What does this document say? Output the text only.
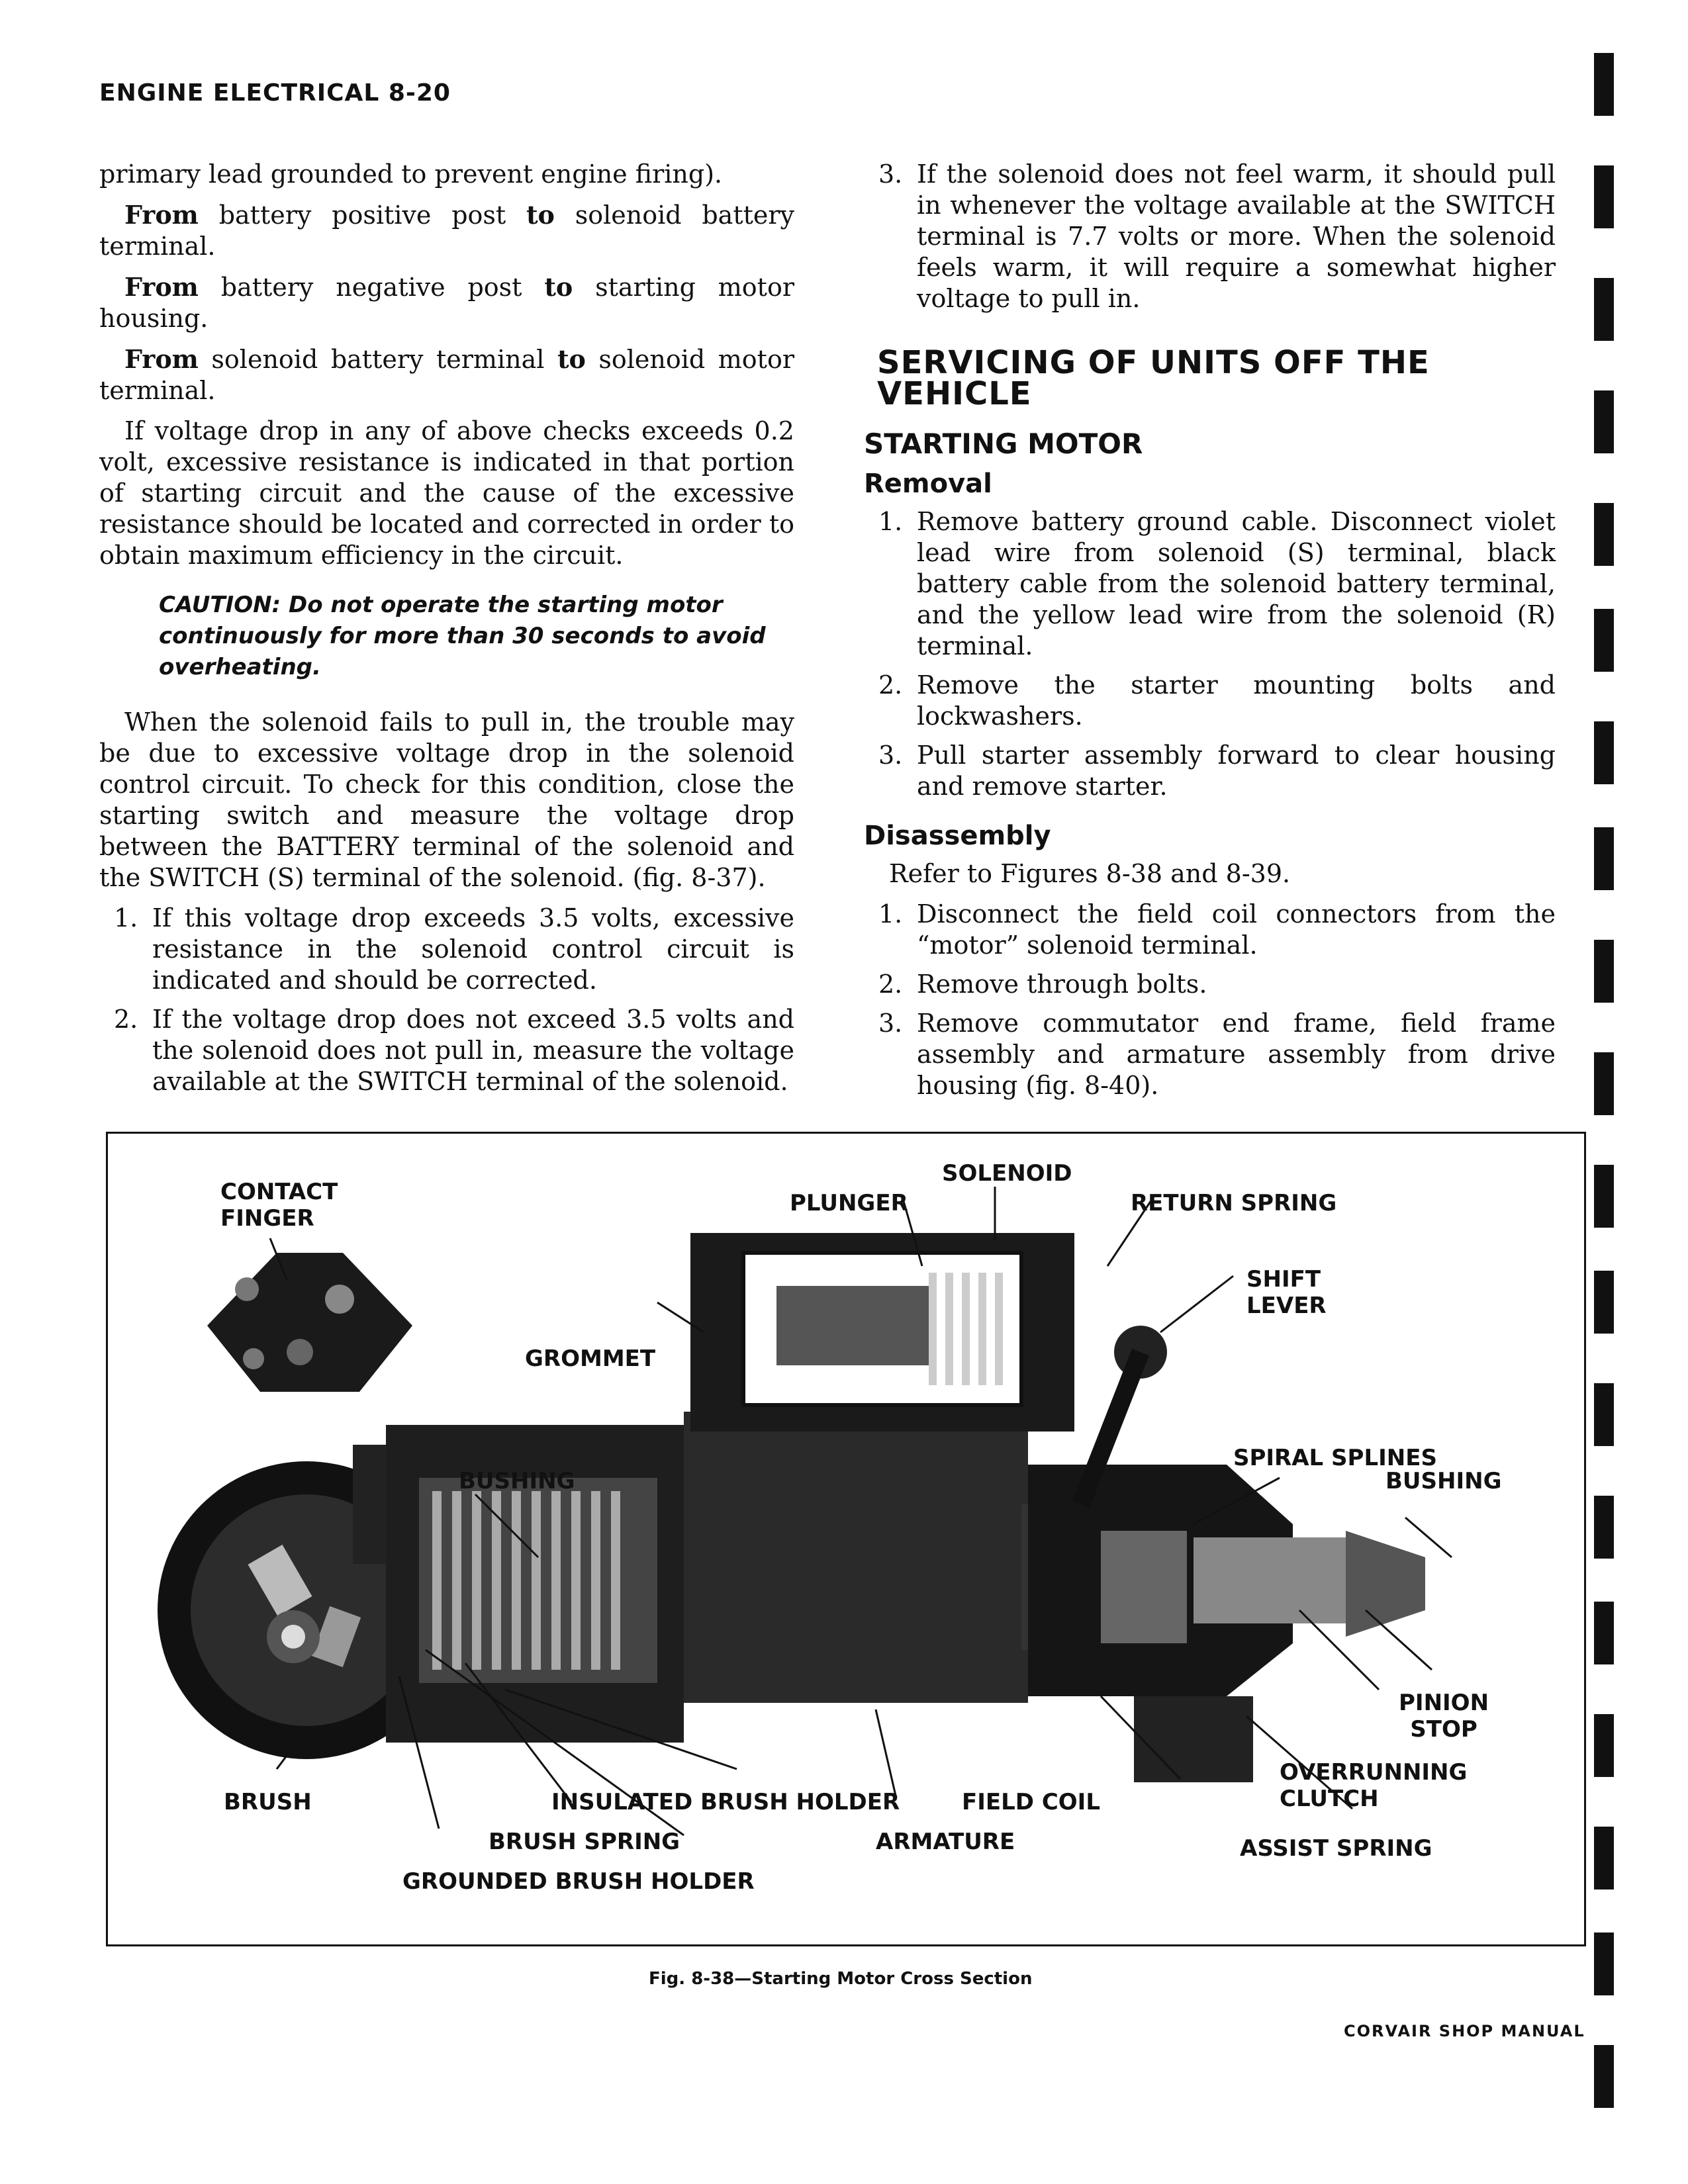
ENGINE ELECTRICAL 8-20

primary lead grounded to prevent engine firing).

From battery positive post to solenoid battery terminal.

From battery negative post to starting motor housing.

From solenoid battery terminal to solenoid motor terminal.

If voltage drop in any of above checks exceeds 0.2 volt, excessive resistance is indicated in that portion of starting circuit and the cause of the excessive resistance should be located and corrected in order to obtain maximum efficiency in the circuit.

CAUTION: Do not operate the starting motor continuously for more than 30 seconds to avoid overheating.

When the solenoid fails to pull in, the trouble may be due to excessive voltage drop in the solenoid control circuit. To check for this condition, close the starting switch and measure the voltage drop between the BATTERY terminal of the solenoid and the SWITCH (S) terminal of the solenoid. (fig. 8-37).

1. If this voltage drop exceeds 3.5 volts, excessive resistance in the solenoid control circuit is indicated and should be corrected.
2. If the voltage drop does not exceed 3.5 volts and the solenoid does not pull in, measure the voltage available at the SWITCH terminal of the solenoid.
3. If the solenoid does not feel warm, it should pull in whenever the voltage available at the SWITCH terminal is 7.7 volts or more. When the solenoid feels warm, it will require a somewhat higher voltage to pull in.
SERVICING OF UNITS OFF THE VEHICLE
STARTING MOTOR
Removal
1. Remove battery ground cable. Disconnect violet lead wire from solenoid (S) terminal, black battery cable from the solenoid battery terminal, and the yellow lead wire from the solenoid (R) terminal.
2. Remove the starter mounting bolts and lockwashers.
3. Pull starter assembly forward to clear housing and remove starter.
Disassembly

Refer to Figures 8-38 and 8-39.

1. Disconnect the field coil connectors from the “motor” solenoid terminal.
2. Remove through bolts.
3. Remove commutator end frame, field frame assembly and armature assembly from drive housing (fig. 8-40).
CONTACT
FINGER
SOLENOID
PLUNGER	RETURN SPRING
SHIFT
LEVER
GROMMET
SPIRAL SPLINES
BUSHING	BUSHING
PINION
STOP
OVERRUNNING
CLUTCH
BRUSH	INSULATED BRUSH HOLDER	FIELD COIL
BRUSH SPRING	ARMATURE	ASSIST SPRING
GROUNDED BRUSH HOLDER
Fig. 8-38—Starting Motor Cross Section
CORVAIR SHOP MANUAL
